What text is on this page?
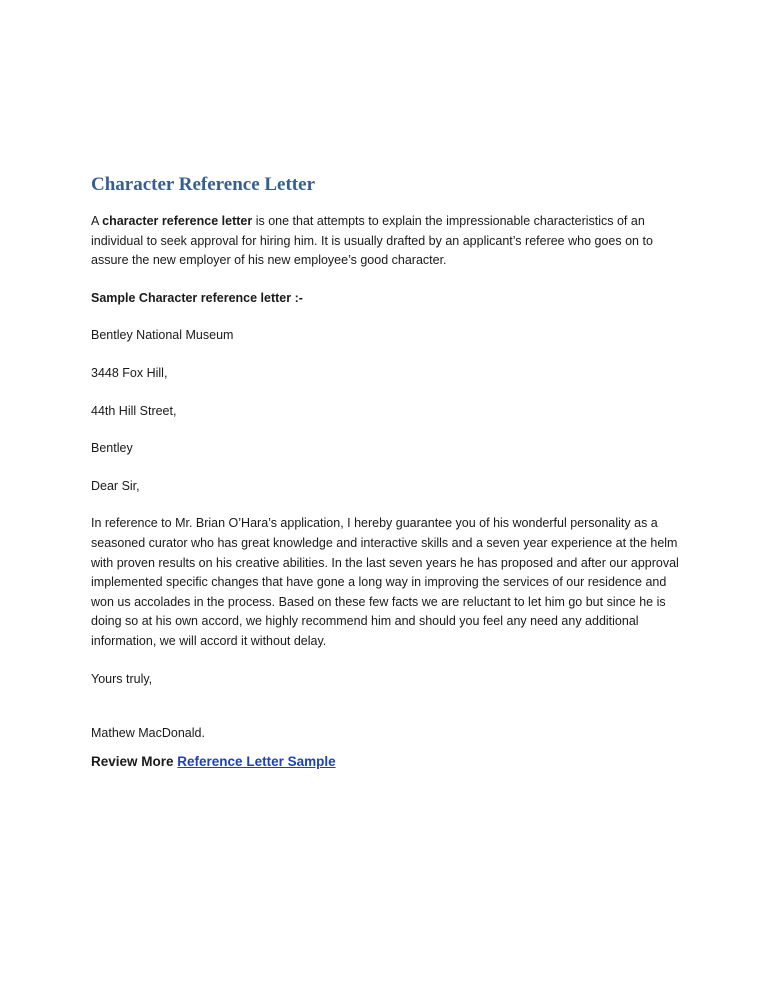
Character Reference Letter

A character reference letter is one that attempts to explain the impressionable characteristics of an individual to seek approval for hiring him. It is usually drafted by an applicant’s referee who goes on to assure the new employer of his new employee’s good character.

Sample Character reference letter :-

Bentley National Museum

3448 Fox Hill,

44th Hill Street,

Bentley

Dear Sir,

In reference to Mr. Brian O’Hara’s application, I hereby guarantee you of his wonderful personality as a seasoned curator who has great knowledge and interactive skills and a seven year experience at the helm with proven results on his creative abilities. In the last seven years he has proposed and after our approval implemented specific changes that have gone a long way in improving the services of our residence and won us accolades in the process. Based on these few facts we are reluctant to let him go but since he is doing so at his own accord, we highly recommend him and should you feel any need any additional information, we will accord it without delay.

Yours truly,

Mathew MacDonald.

Review More Reference Letter Sample
